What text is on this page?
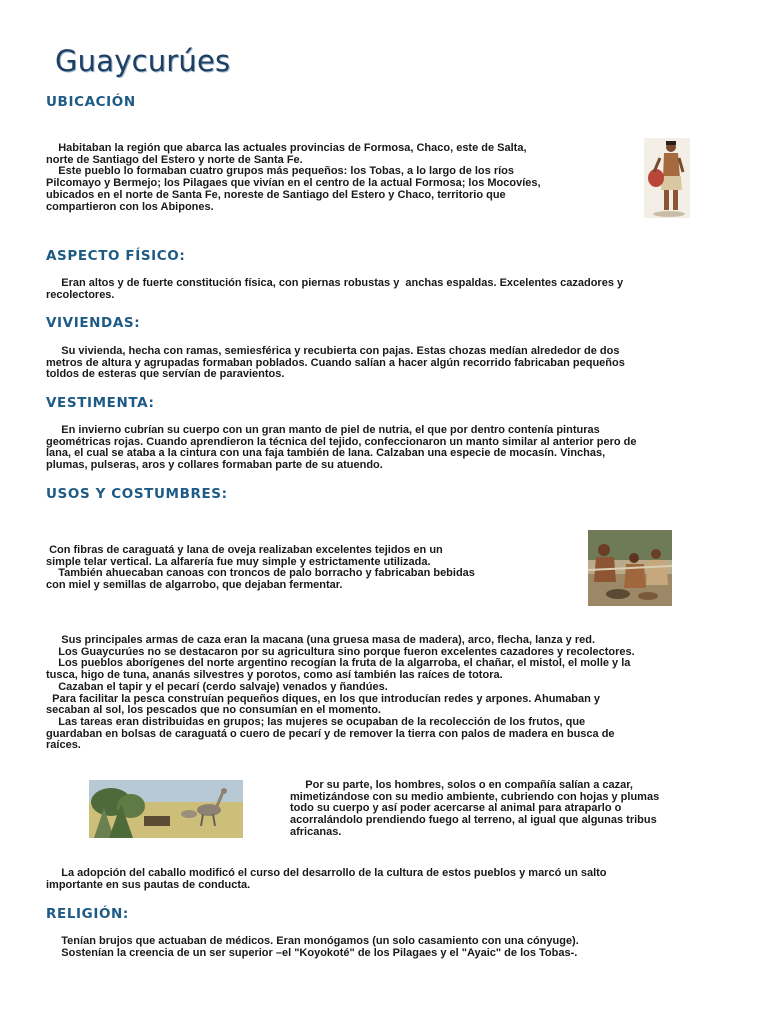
Guaycurúes
UBICACIÓN
Habitaban la región que abarca las actuales provincias de Formosa, Chaco, este de Salta,
norte de Santiago del Estero y norte de Santa Fe.
Este pueblo lo formaban cuatro grupos más pequeños: los Tobas, a lo largo de los ríos
Pilcomayo y Bermejo; los Pilagaes que vivían en el centro de la actual Formosa; los Mocovíes,
ubicados en el norte de Santa Fe, noreste de Santiago del Estero y Chaco, territorio que
compartieron con los Abipones.
ASPECTO FÍSICO:
Eran altos y de fuerte constitución física, con piernas robustas y  anchas espaldas. Excelentes cazadores y
recolectores.
VIVIENDAS:
Su vivienda, hecha con ramas, semiesférica y recubierta con pajas. Estas chozas medían alrededor de dos
metros de altura y agrupadas formaban poblados. Cuando salían a hacer algún recorrido fabricaban pequeños
toldos de esteras que servían de paravientos.
VESTIMENTA:
En invierno cubrían su cuerpo con un gran manto de piel de nutria, el que por dentro contenía pinturas
geométricas rojas. Cuando aprendieron la técnica del tejido, confeccionaron un manto similar al anterior pero de
lana, el cual se ataba a la cintura con una faja también de lana. Calzaban una especie de mocasín. Vinchas,
plumas, pulseras, aros y collares formaban parte de su atuendo.
USOS Y COSTUMBRES:
Con fibras de caraguatá y lana de oveja realizaban excelentes tejidos en un
simple telar vertical. La alfarería fue muy simple y estrictamente utilizada.
También ahuecaban canoas con troncos de palo borracho y fabricaban bebidas
con miel y semillas de algarrobo, que dejaban fermentar.
Sus principales armas de caza eran la macana (una gruesa masa de madera), arco, flecha, lanza y red.
Los Guaycurúes no se destacaron por su agricultura sino porque fueron excelentes cazadores y recolectores.
Los pueblos aborígenes del norte argentino recogían la fruta de la algarroba, el chañar, el mistol, el molle y la
tusca, higo de tuna, ananás silvestres y porotos, como así también las raíces de totora.
Cazaban el tapir y el pecarí (cerdo salvaje) venados y ñandúes.
Para facilitar la pesca construían pequeños diques, en los que introducían redes y arpones. Ahumaban y
secaban al sol, los pescados que no consumían en el momento.
Las tareas eran distribuidas en grupos; las mujeres se ocupaban de la recolección de los frutos, que
guardaban en bolsas de caraguatá o cuero de pecarí y de remover la tierra con palos de madera en busca de
raíces.
Por su parte, los hombres, solos o en compañía salían a cazar,
mimetizándose con su medio ambiente, cubriendo con hojas y plumas
todo su cuerpo y así poder acercarse al animal para atraparlo o
acorralándolo prendiendo fuego al terreno, al igual que algunas tribus
africanas.
La adopción del caballo modificó el curso del desarrollo de la cultura de estos pueblos y marcó un salto
importante en sus pautas de conducta.
RELIGIÓN:
Tenían brujos que actuaban de médicos. Eran monógamos (un solo casamiento con una cónyuge).
Sostenían la creencia de un ser superior –el "Koyokoté" de los Pilagaes y el "Ayaic" de los Tobas-.
